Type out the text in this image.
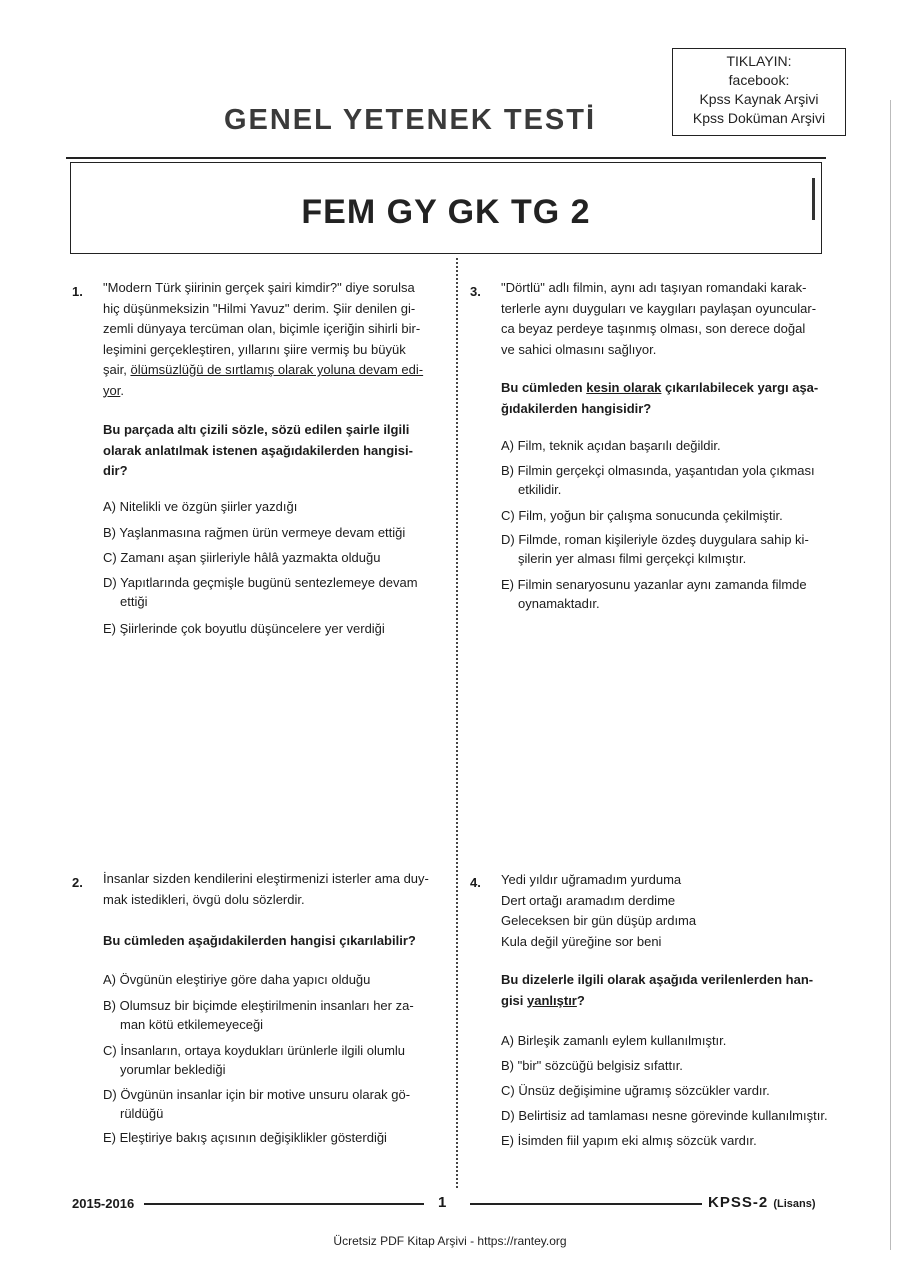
TIKLAYIN:
facebook:
Kpss Kaynak Arşivi
Kpss Doküman Arşivi
GENEL YETENEK TESTİ
FEM GY GK TG 2
1. "Modern Türk şiirinin gerçek şairi kimdir?" diye sorulsa
hiç düşünmeksizin "Hilmi Yavuz" derim. Şiir denilen gi-
zemli dünyaya tercüman olan, biçimle içeriğin sihirli bir-
leşimini gerçekleştiren, yıllarını şiire vermiş bu büyük
şair, ölümsüzlüğü de sırtlamış olarak yoluna devam edi-
yor.
Bu parçada altı çizili sözle, sözü edilen şairle ilgili
olarak anlatılmak istenen aşağıdakilerden hangisi-
dir?
A) Nitelikli ve özgün şiirler yazdığı
B) Yaşlanmasına rağmen ürün vermeye devam ettiği
C) Zamanı aşan şiirleriyle hâlâ yazmakta olduğu
D) Yapıtlarında geçmişle bugünü sentezlemeye devam
ettiği
E) Şiirlerinde çok boyutlu düşüncelere yer verdiği
2. İnsanlar sizden kendilerini eleştirmenizi isterler ama duy-
mak istedikleri, övgü dolu sözlerdir.
Bu cümleden aşağıdakilerden hangisi çıkarılabilir?
A) Övgünün eleştiriye göre daha yapıcı olduğu
B) Olumsuz bir biçimde eleştirilmenin insanları her za-
man kötü etkilemeyeceği
C) İnsanların, ortaya koydukları ürünlerle ilgili olumlu
yorumlar beklediği
D) Övgünün insanlar için bir motive unsuru olarak gö-
rüldüğü
E) Eleştiriye bakış açısının değişiklikler gösterdiği
3. "Dörtlü" adlı filmin, aynı adı taşıyan romandaki karak-
terlerle aynı duyguları ve kaygıları paylaşan oyuncular-
ca beyaz perdeye taşınmış olması, son derece doğal
ve sahici olmasını sağlıyor.
Bu cümleden kesin olarak çıkarılabilecek yargı aşa-
ğıdakilerden hangisidir?
A) Film, teknik açıdan başarılı değildir.
B) Filmin gerçekçi olmasında, yaşantıdan yola çıkması
etkilidir.
C) Film, yoğun bir çalışma sonucunda çekilmiştir.
D) Filmde, roman kişileriyle özdeş duygulara sahip ki-
şilerin yer alması filmi gerçekçi kılmıştır.
E) Filmin senaryosunu yazanlar aynı zamanda filmde
oynamaktadır.
4. Yedi yıldır uğramadım yurduma
Dert ortağı aramadım derdime
Geleceksen bir gün düşüp ardıma
Kula değil yüreğine sor beni
Bu dizelerle ilgili olarak aşağıda verilenlerden han-
gisi yanlıştır?
A) Birleşik zamanlı eylem kullanılmıştır.
B) "bir" sözcüğü belgisiz sıfattır.
C) Ünsüz değişimine uğramış sözcükler vardır.
D) Belirtisiz ad tamlaması nesne görevinde kullanılmıştır.
E) İsimden fiil yapım eki almış sözcük vardır.
2015-2016	1	KPSS-2 (Lisans)
Ücretsiz PDF Kitap Arşivi - https://rantey.org
